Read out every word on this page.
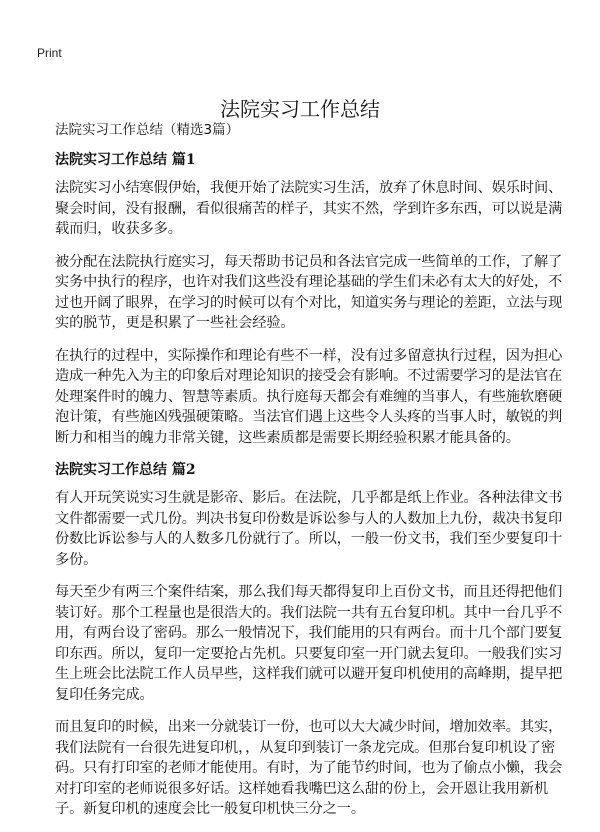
Print
法院实习工作总结
法院实习工作总结（精选3篇）
法院实习工作总结 篇1

法院实习小结寒假伊始，我便开始了法院实习生活，放弃了休息时间、娱乐时间、聚会时间，没有报酬，看似很痛苦的样子，其实不然，学到许多东西，可以说是满载而归，收获多多。

被分配在法院执行庭实习，每天帮助书记员和各法官完成一些简单的工作，了解了实务中执行的程序，也许对我们这些没有理论基础的学生们未必有太大的好处，不过也开阔了眼界，在学习的时候可以有个对比，知道实务与理论的差距，立法与现实的脱节，更是积累了一些社会经验。

在执行的过程中，实际操作和理论有些不一样，没有过多留意执行过程，因为担心造成一种先入为主的印象后对理论知识的接受会有影响。不过需要学习的是法官在处理案件时的魄力、智慧等素质。执行庭每天都会有难缠的当事人，有些施软磨硬泡计策，有些施凶残强硬策略。当法官们遇上这些令人头疼的当事人时，敏锐的判断力和相当的魄力非常关键，这些素质都是需要长期经验积累才能具备的。

法院实习工作总结 篇2

有人开玩笑说实习生就是影帝、影后。在法院，几乎都是纸上作业。各种法律文书文件都需要一式几份。判决书复印份数是诉讼参与人的人数加上九份，裁决书复印份数比诉讼参与人的人数多几份就行了。所以，一般一份文书，我们至少要复印十多份。

每天至少有两三个案件结案，那么我们每天都得复印上百份文书，而且还得把他们装订好。那个工程量也是很浩大的。我们法院一共有五台复印机。其中一台几乎不用，有两台设了密码。那么一般情况下，我们能用的只有两台。而十几个部门要复印东西。所以，复印一定要抢占先机。只要复印室一开门就去复印。一般我们实习生上班会比法院工作人员早些，这样我们就可以避开复印机使用的高峰期，提早把复印任务完成。

而且复印的时候，出来一分就装订一份，也可以大大减少时间，增加效率。其实，我们法院有一台很先进复印机，，从复印到装订一条龙完成。但那台复印机设了密码。只有打印室的老师才能使用。有时，为了能节约时间，也为了偷点小懒，我会对打印室的老师说很多好话。这样她看我嘴巴这么甜的份上，会开恩让我用新机子。新复印机的速度会比一般复印机快三分之一。
